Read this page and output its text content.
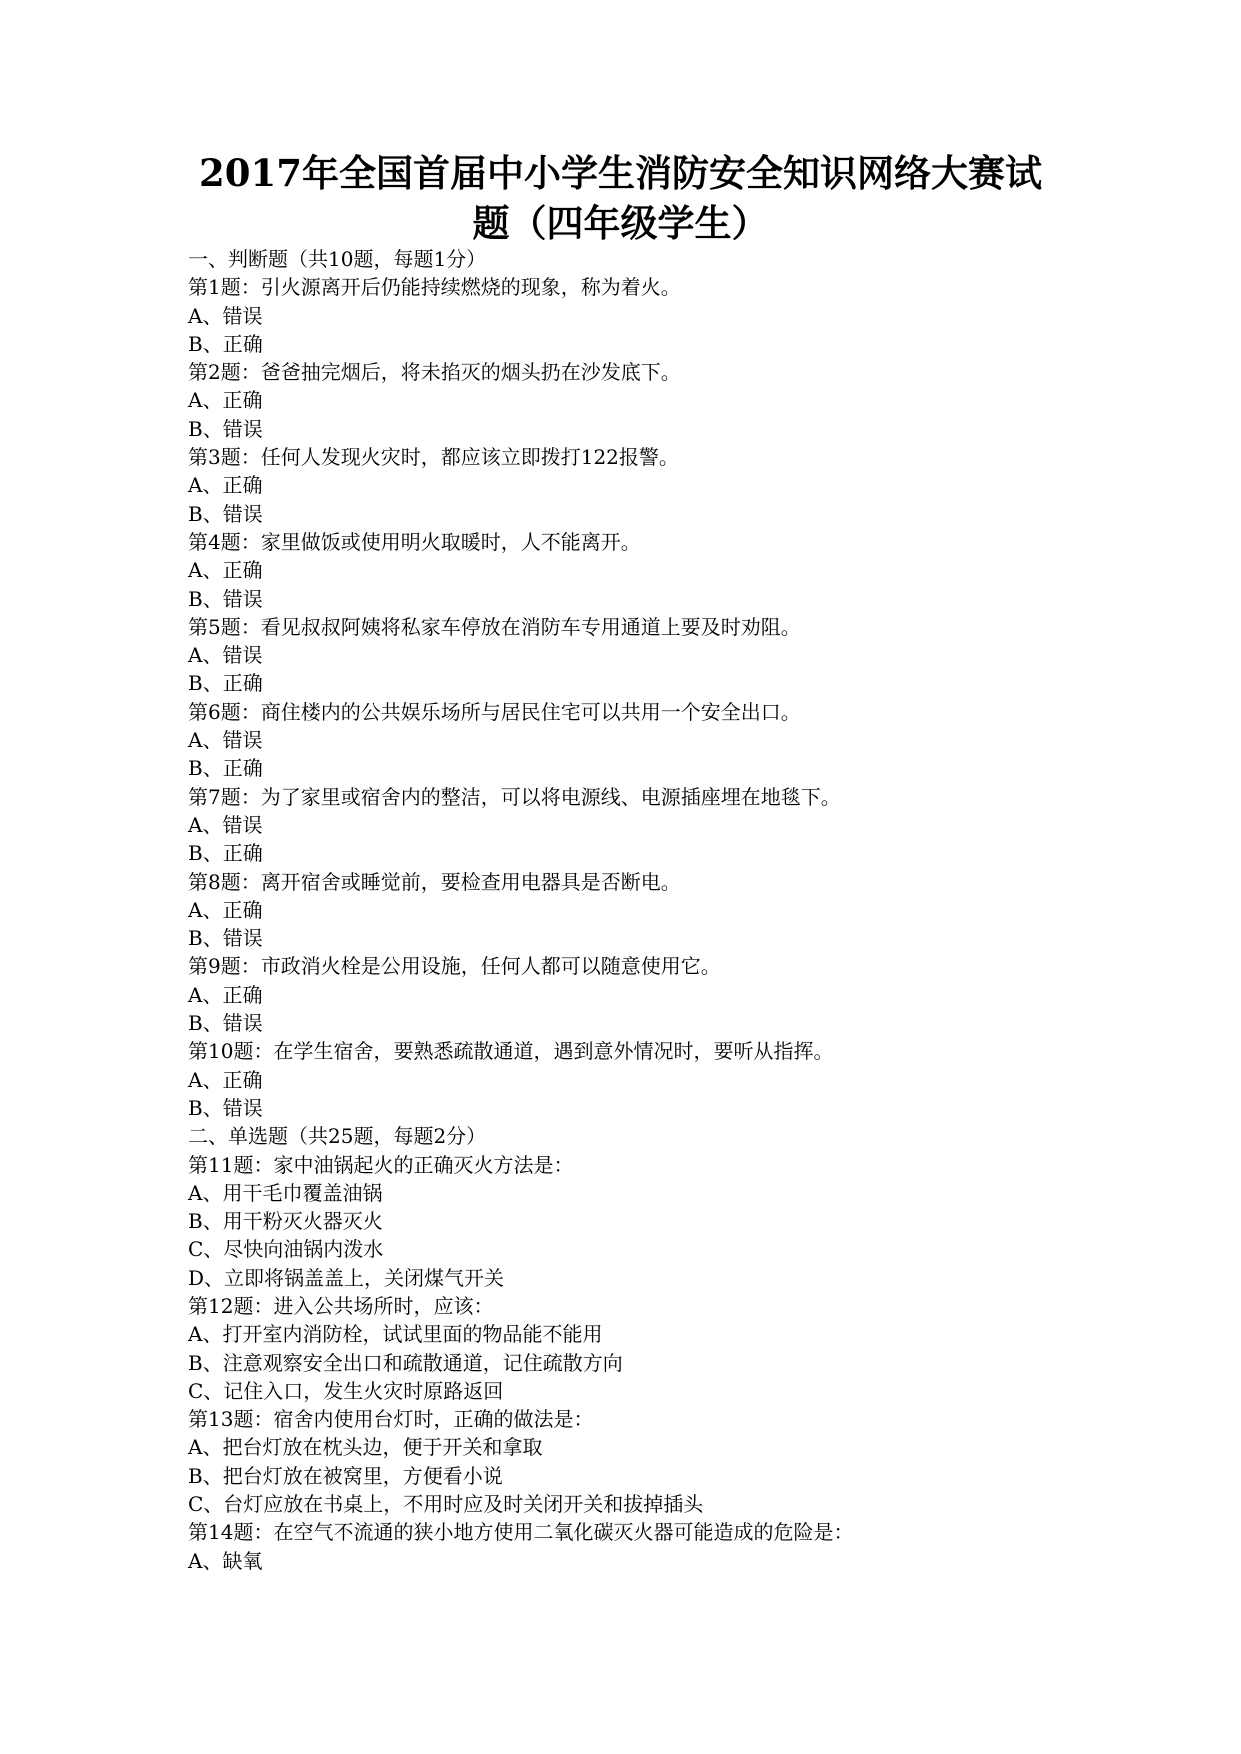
2017年全国首届中小学生消防安全知识网络大赛试
题（四年级学生）
一、判断题（共10题，每题1分）
第1题：引火源离开后仍能持续燃烧的现象，称为着火。
A、错误
B、正确
第2题：爸爸抽完烟后，将未掐灭的烟头扔在沙发底下。
A、正确
B、错误
第3题：任何人发现火灾时，都应该立即拨打122报警。
A、正确
B、错误
第4题：家里做饭或使用明火取暖时，人不能离开。
A、正确
B、错误
第5题：看见叔叔阿姨将私家车停放在消防车专用通道上要及时劝阻。
A、错误
B、正确
第6题：商住楼内的公共娱乐场所与居民住宅可以共用一个安全出口。
A、错误
B、正确
第7题：为了家里或宿舍内的整洁，可以将电源线、电源插座埋在地毯下。
A、错误
B、正确
第8题：离开宿舍或睡觉前，要检查用电器具是否断电。
A、正确
B、错误
第9题：市政消火栓是公用设施，任何人都可以随意使用它。
A、正确
B、错误
第10题：在学生宿舍，要熟悉疏散通道，遇到意外情况时，要听从指挥。
A、正确
B、错误
二、单选题（共25题，每题2分）
第11题：家中油锅起火的正确灭火方法是：
A、用干毛巾覆盖油锅
B、用干粉灭火器灭火
C、尽快向油锅内泼水
D、立即将锅盖盖上，关闭煤气开关
第12题：进入公共场所时，应该：
A、打开室内消防栓，试试里面的物品能不能用
B、注意观察安全出口和疏散通道，记住疏散方向
C、记住入口，发生火灾时原路返回
第13题：宿舍内使用台灯时，正确的做法是：
A、把台灯放在枕头边，便于开关和拿取
B、把台灯放在被窝里，方便看小说
C、台灯应放在书桌上，不用时应及时关闭开关和拔掉插头
第14题：在空气不流通的狭小地方使用二氧化碳灭火器可能造成的危险是：
A、缺氧
